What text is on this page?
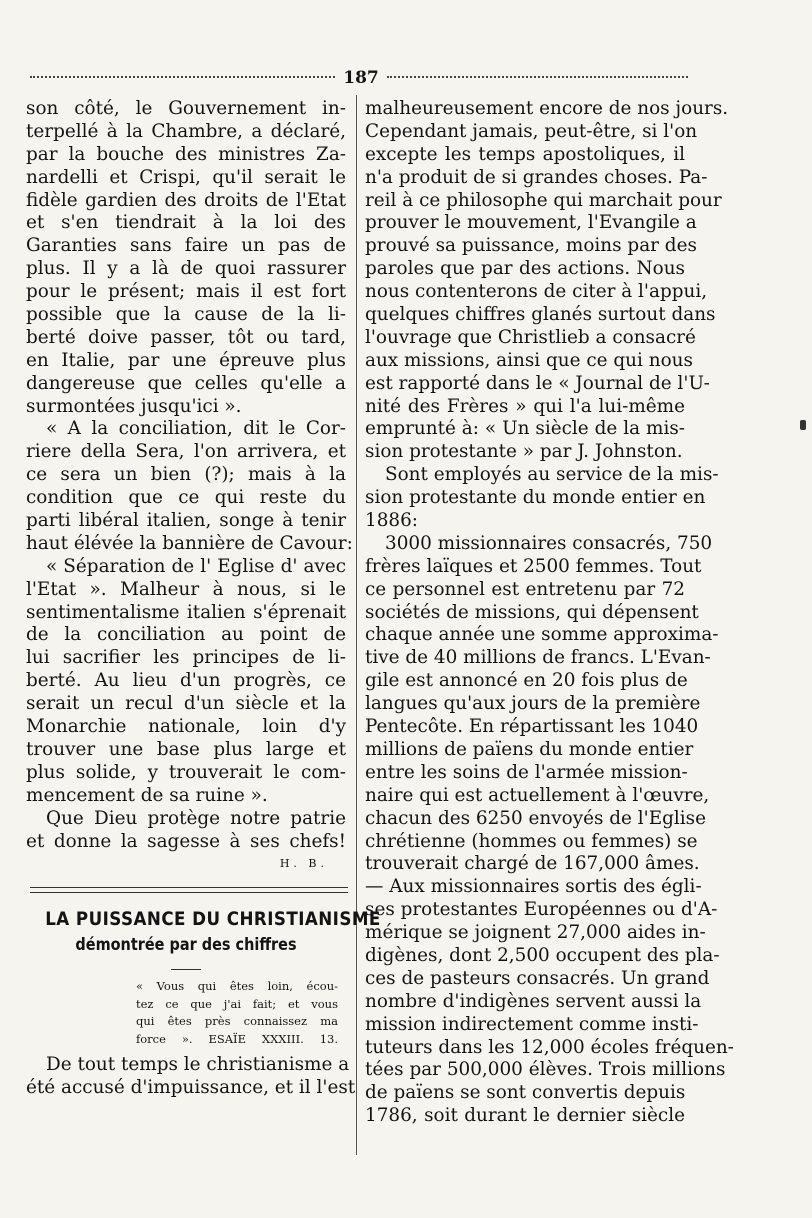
187
son côté, le Gouvernement in-
terpellé à la Chambre, a déclaré,
par la bouche des ministres Za-
nardelli et Crispi, qu'il serait le
fidèle gardien des droits de l'Etat
et s'en tiendrait à la loi des
Garanties sans faire un pas de
plus. Il y a là de quoi rassurer
pour le présent; mais il est fort
possible que la cause de la li-
berté doive passer, tôt ou tard,
en Italie, par une épreuve plus
dangereuse que celles qu'elle a
surmontées jusqu'ici ».
« A la conciliation, dit le Cor-
riere della Sera, l'on arrivera, et
ce sera un bien (?); mais à la
condition que ce qui reste du
parti libéral italien, songe à tenir
haut élévée la bannière de Cavour:
« Séparation de l' Eglise d' avec
l'Etat ». Malheur à nous, si le
sentimentalisme italien s'éprenait
de la conciliation au point de
lui sacrifier les principes de li-
berté. Au lieu d'un progrès, ce
serait un recul d'un siècle et la
Monarchie nationale, loin d'y
trouver une base plus large et
plus solide, y trouverait le com-
mencement de sa ruine ».
Que Dieu protège notre patrie
et donne la sagesse à ses chefs!
H. B.
LA PUISSANCE DU CHRISTIANISME
démontrée par des chiffres
« Vous qui êtes loin, écou-
tez ce que j'ai fait; et vous
qui êtes près connaissez ma
force ». ESAÏE XXXIII. 13.
De tout temps le christianisme a
été accusé d'impuissance, et il l'est
malheureusement encore de nos jours.
Cependant jamais, peut-être, si l'on
excepte les temps apostoliques, il
n'a produit de si grandes choses. Pa-
reil à ce philosophe qui marchait pour
prouver le mouvement, l'Evangile a
prouvé sa puissance, moins par des
paroles que par des actions. Nous
nous contenterons de citer à l'appui,
quelques chiffres glanés surtout dans
l'ouvrage que Christlieb a consacré
aux missions, ainsi que ce qui nous
est rapporté dans le « Journal de l'U-
nité des Frères » qui l'a lui-même
emprunté à: « Un siècle de la mis-
sion protestante » par J. Johnston.
Sont employés au service de la mis-
sion protestante du monde entier en
1886:
3000 missionnaires consacrés, 750
frères laïques et 2500 femmes. Tout
ce personnel est entretenu par 72
sociétés de missions, qui dépensent
chaque année une somme approxima-
tive de 40 millions de francs. L'Evan-
gile est annoncé en 20 fois plus de
langues qu'aux jours de la première
Pentecôte. En répartissant les 1040
millions de païens du monde entier
entre les soins de l'armée mission-
naire qui est actuellement à l'œuvre,
chacun des 6250 envoyés de l'Eglise
chrétienne (hommes ou femmes) se
trouverait chargé de 167,000 âmes.
— Aux missionnaires sortis des égli-
ses protestantes Européennes ou d'A-
mérique se joignent 27,000 aides in-
digènes, dont 2,500 occupent des pla-
ces de pasteurs consacrés. Un grand
nombre d'indigènes servent aussi la
mission indirectement comme insti-
tuteurs dans les 12,000 écoles fréquen-
tées par 500,000 élèves. Trois millions
de païens se sont convertis depuis
1786, soit durant le dernier siècle
